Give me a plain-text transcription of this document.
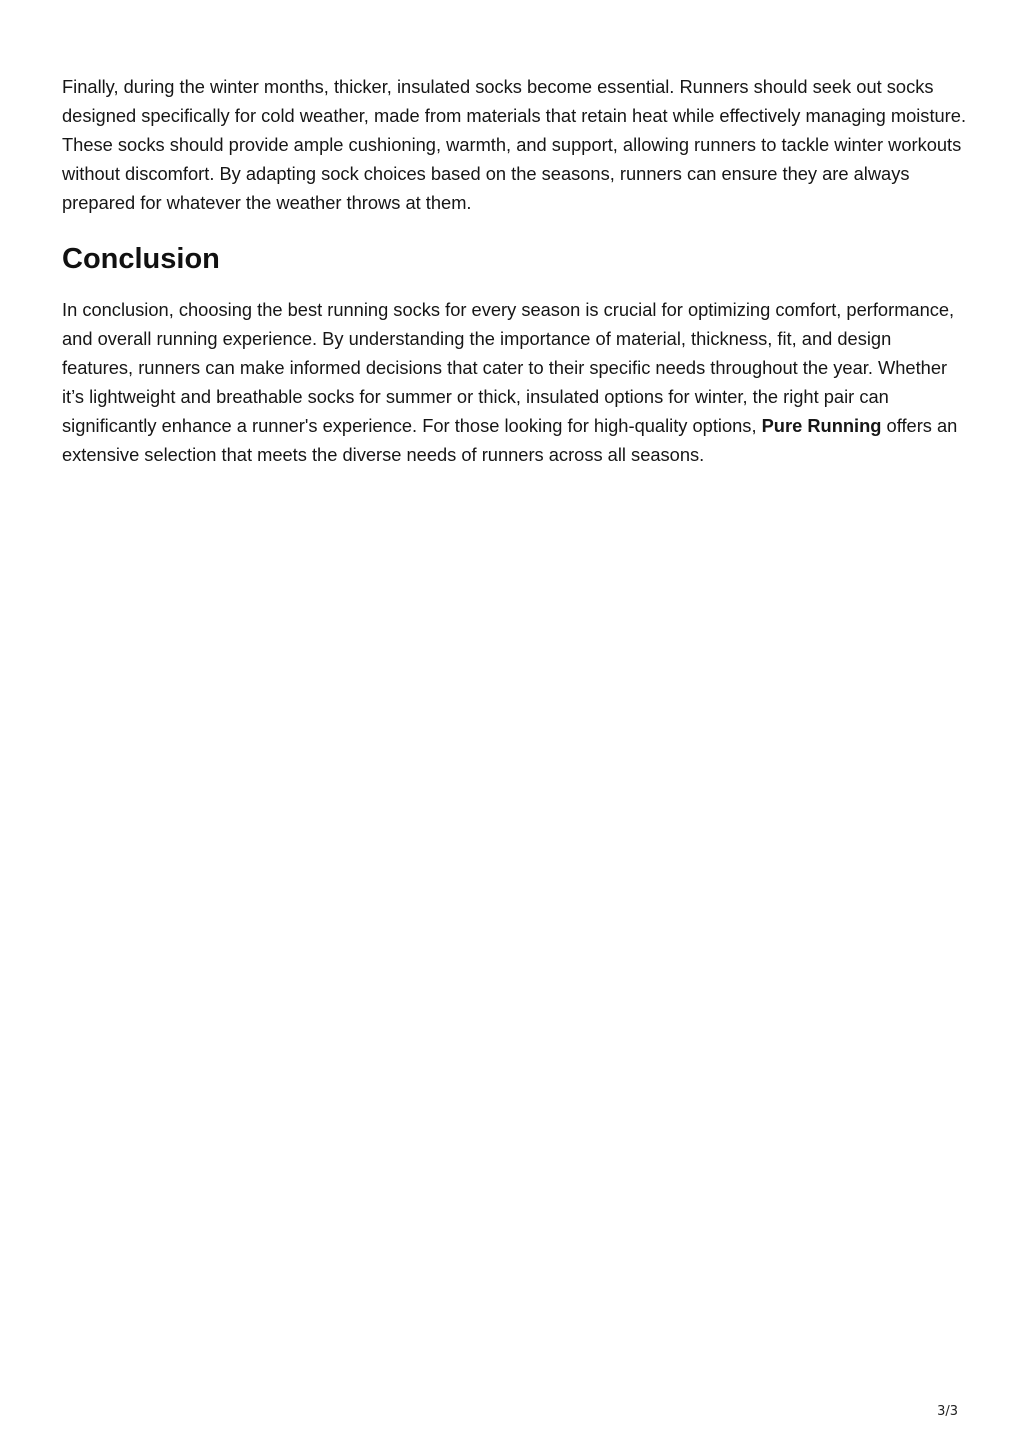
Finally, during the winter months, thicker, insulated socks become essential. Runners should seek out socks designed specifically for cold weather, made from materials that retain heat while effectively managing moisture. These socks should provide ample cushioning, warmth, and support, allowing runners to tackle winter workouts without discomfort. By adapting sock choices based on the seasons, runners can ensure they are always prepared for whatever the weather throws at them.

Conclusion

In conclusion, choosing the best running socks for every season is crucial for optimizing comfort, performance, and overall running experience. By understanding the importance of material, thickness, fit, and design features, runners can make informed decisions that cater to their specific needs throughout the year. Whether it’s lightweight and breathable socks for summer or thick, insulated options for winter, the right pair can significantly enhance a runner's experience. For those looking for high-quality options, Pure Running offers an extensive selection that meets the diverse needs of runners across all seasons.

3/3
